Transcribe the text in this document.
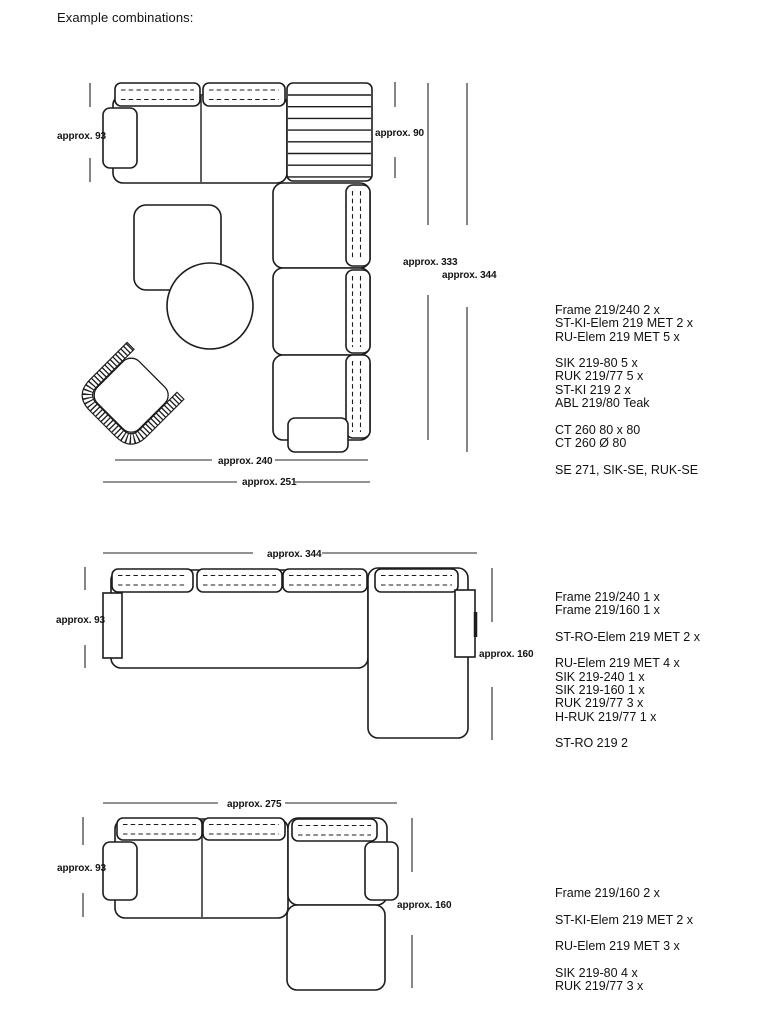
Example combinations:
approx. 93	approx. 90
approx. 333
approx. 344
approx. 240
approx. 251
approx. 344
approx. 93
approx. 160
approx. 275
approx. 93
approx. 160
Frame 219/240 2 x
ST-KI-Elem 219 MET 2 x
RU-Elem 219 MET 5 x
SIK 219-80 5 x
RUK 219/77 5 x
ST-KI 219 2 x
ABL 219/80 Teak
CT 260 80 x 80
CT 260 Ø 80
SE 271, SIK-SE, RUK-SE
Frame 219/240 1 x
Frame 219/160 1 x
ST-RO-Elem 219 MET 2 x
RU-Elem 219 MET 4 x
SIK 219-240 1 x
SIK 219-160 1 x
RUK 219/77 3 x
H-RUK 219/77 1 x
ST-RO 219 2
Frame 219/160 2 x
ST-KI-Elem 219 MET 2 x
RU-Elem 219 MET 3 x
SIK 219-80 4 x
RUK 219/77 3 x
